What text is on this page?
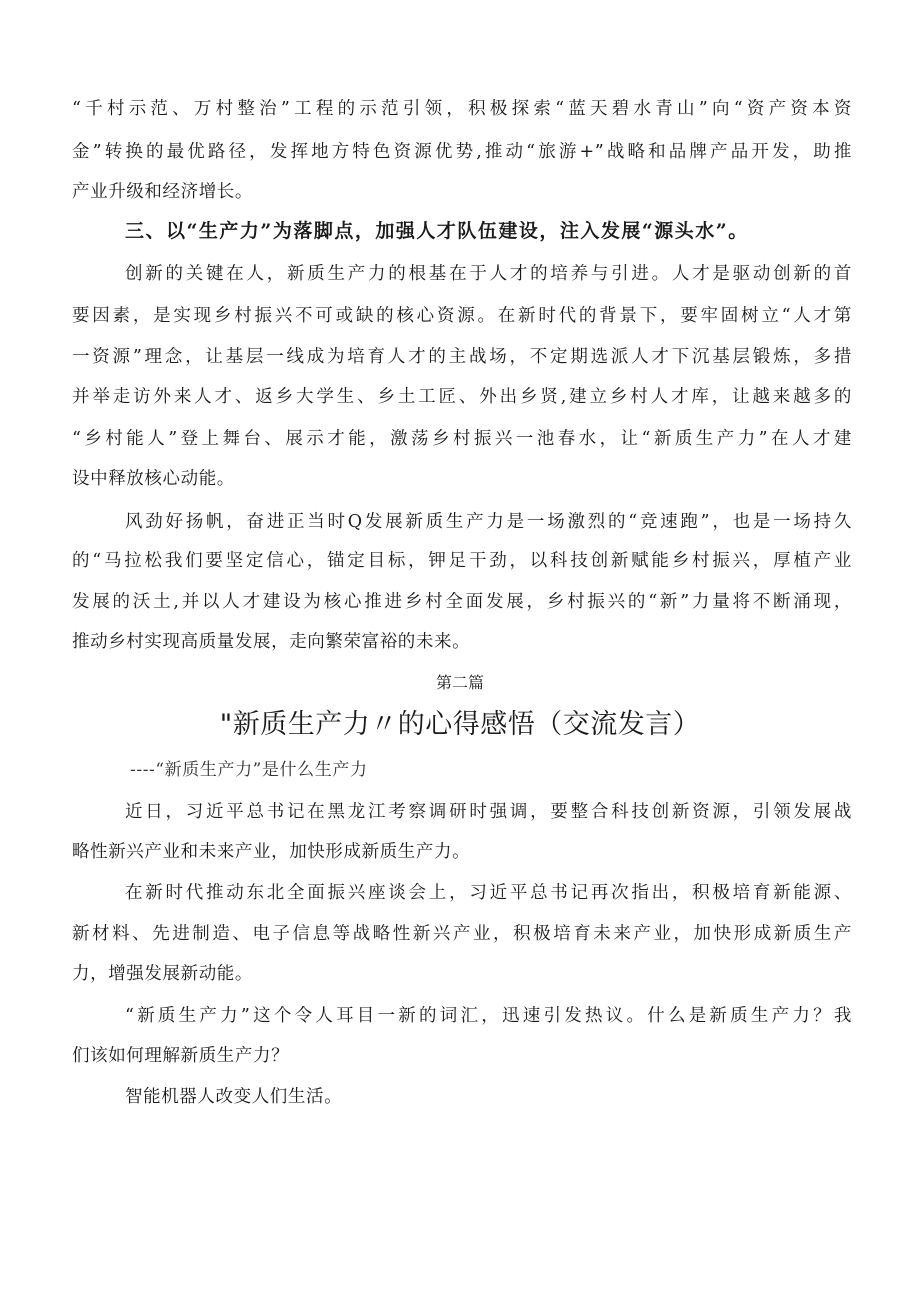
“千村示范、万村整治”工程的示范引领，积极探索“蓝天碧水青山”向“资产资本资
金”转换的最优路径，发挥地方特色资源优势,推动“旅游+”战略和品牌产品开发，助推
产业升级和经济增长。
三、以“生产力”为落脚点，加强人才队伍建设，注入发展“源头水”。
创新的关键在人，新质生产力的根基在于人才的培养与引进。人才是驱动创新的首
要因素，是实现乡村振兴不可或缺的核心资源。在新时代的背景下，要牢固树立“人才第
一资源”理念，让基层一线成为培育人才的主战场，不定期选派人才下沉基层锻炼，多措
并举走访外来人才、返乡大学生、乡土工匠、外出乡贤,建立乡村人才库，让越来越多的
“乡村能人”登上舞台、展示才能，激荡乡村振兴一池春水，让“新质生产力”在人才建
设中释放核心动能。
风劲好扬帆，奋进正当时Q发展新质生产力是一场激烈的“竞速跑”，也是一场持久
的“马拉松我们要坚定信心，锚定目标，钾足干劲，以科技创新赋能乡村振兴，厚植产业
发展的沃土,并以人才建设为核心推进乡村全面发展，乡村振兴的“新”力量将不断涌现，
推动乡村实现高质量发展，走向繁荣富裕的未来。
第二篇
"新质生产力〃的心得感悟（交流发言）
----“新质生产力”是什么生产力
近日，习近平总书记在黑龙江考察调研时强调，要整合科技创新资源，引领发展战
略性新兴产业和未来产业，加快形成新质生产力。
在新时代推动东北全面振兴座谈会上，习近平总书记再次指出，积极培育新能源、
新材料、先进制造、电子信息等战略性新兴产业，积极培育未来产业，加快形成新质生产
力，增强发展新动能。
“新质生产力”这个令人耳目一新的词汇，迅速引发热议。什么是新质生产力？我
们该如何理解新质生产力？
智能机器人改变人们生活。
